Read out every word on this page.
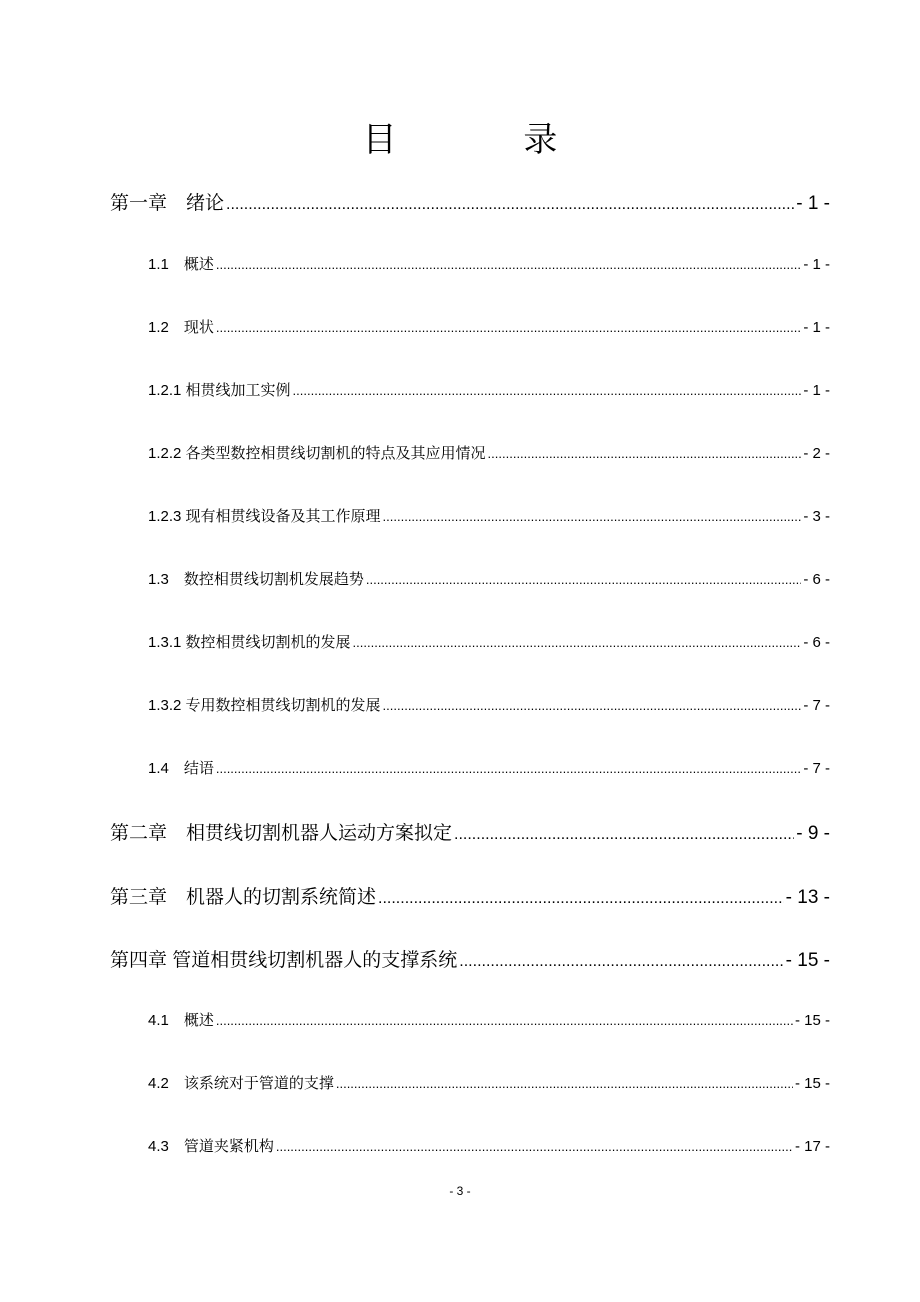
目 录
第一章　绪论 .....	- 1 -
1.1　概述 .....	- 1 -
1.2　现状 .....	- 1 -
1.2.1 相贯线加工实例 .....	- 1 -
1.2.2 各类型数控相贯线切割机的特点及其应用情况 .....	- 2 -
1.2.3 现有相贯线设备及其工作原理 .....	- 3 -
1.3　数控相贯线切割机发展趋势 .....	- 6 -
1.3.1 数控相贯线切割机的发展 .....	- 6 -
1.3.2 专用数控相贯线切割机的发展 .....	- 7 -
1.4　结语 .....	- 7 -
第二章　相贯线切割机器人运动方案拟定 .....	- 9 -
第三章　机器人的切割系统简述 .....	- 13 -
第四章 管道相贯线切割机器人的支撑系统 .....	- 15 -
4.1　概述 .....	- 15 -
4.2　该系统对于管道的支撑 .....	- 15 -
4.3　管道夹紧机构 .....	- 17 -
- 3 -
